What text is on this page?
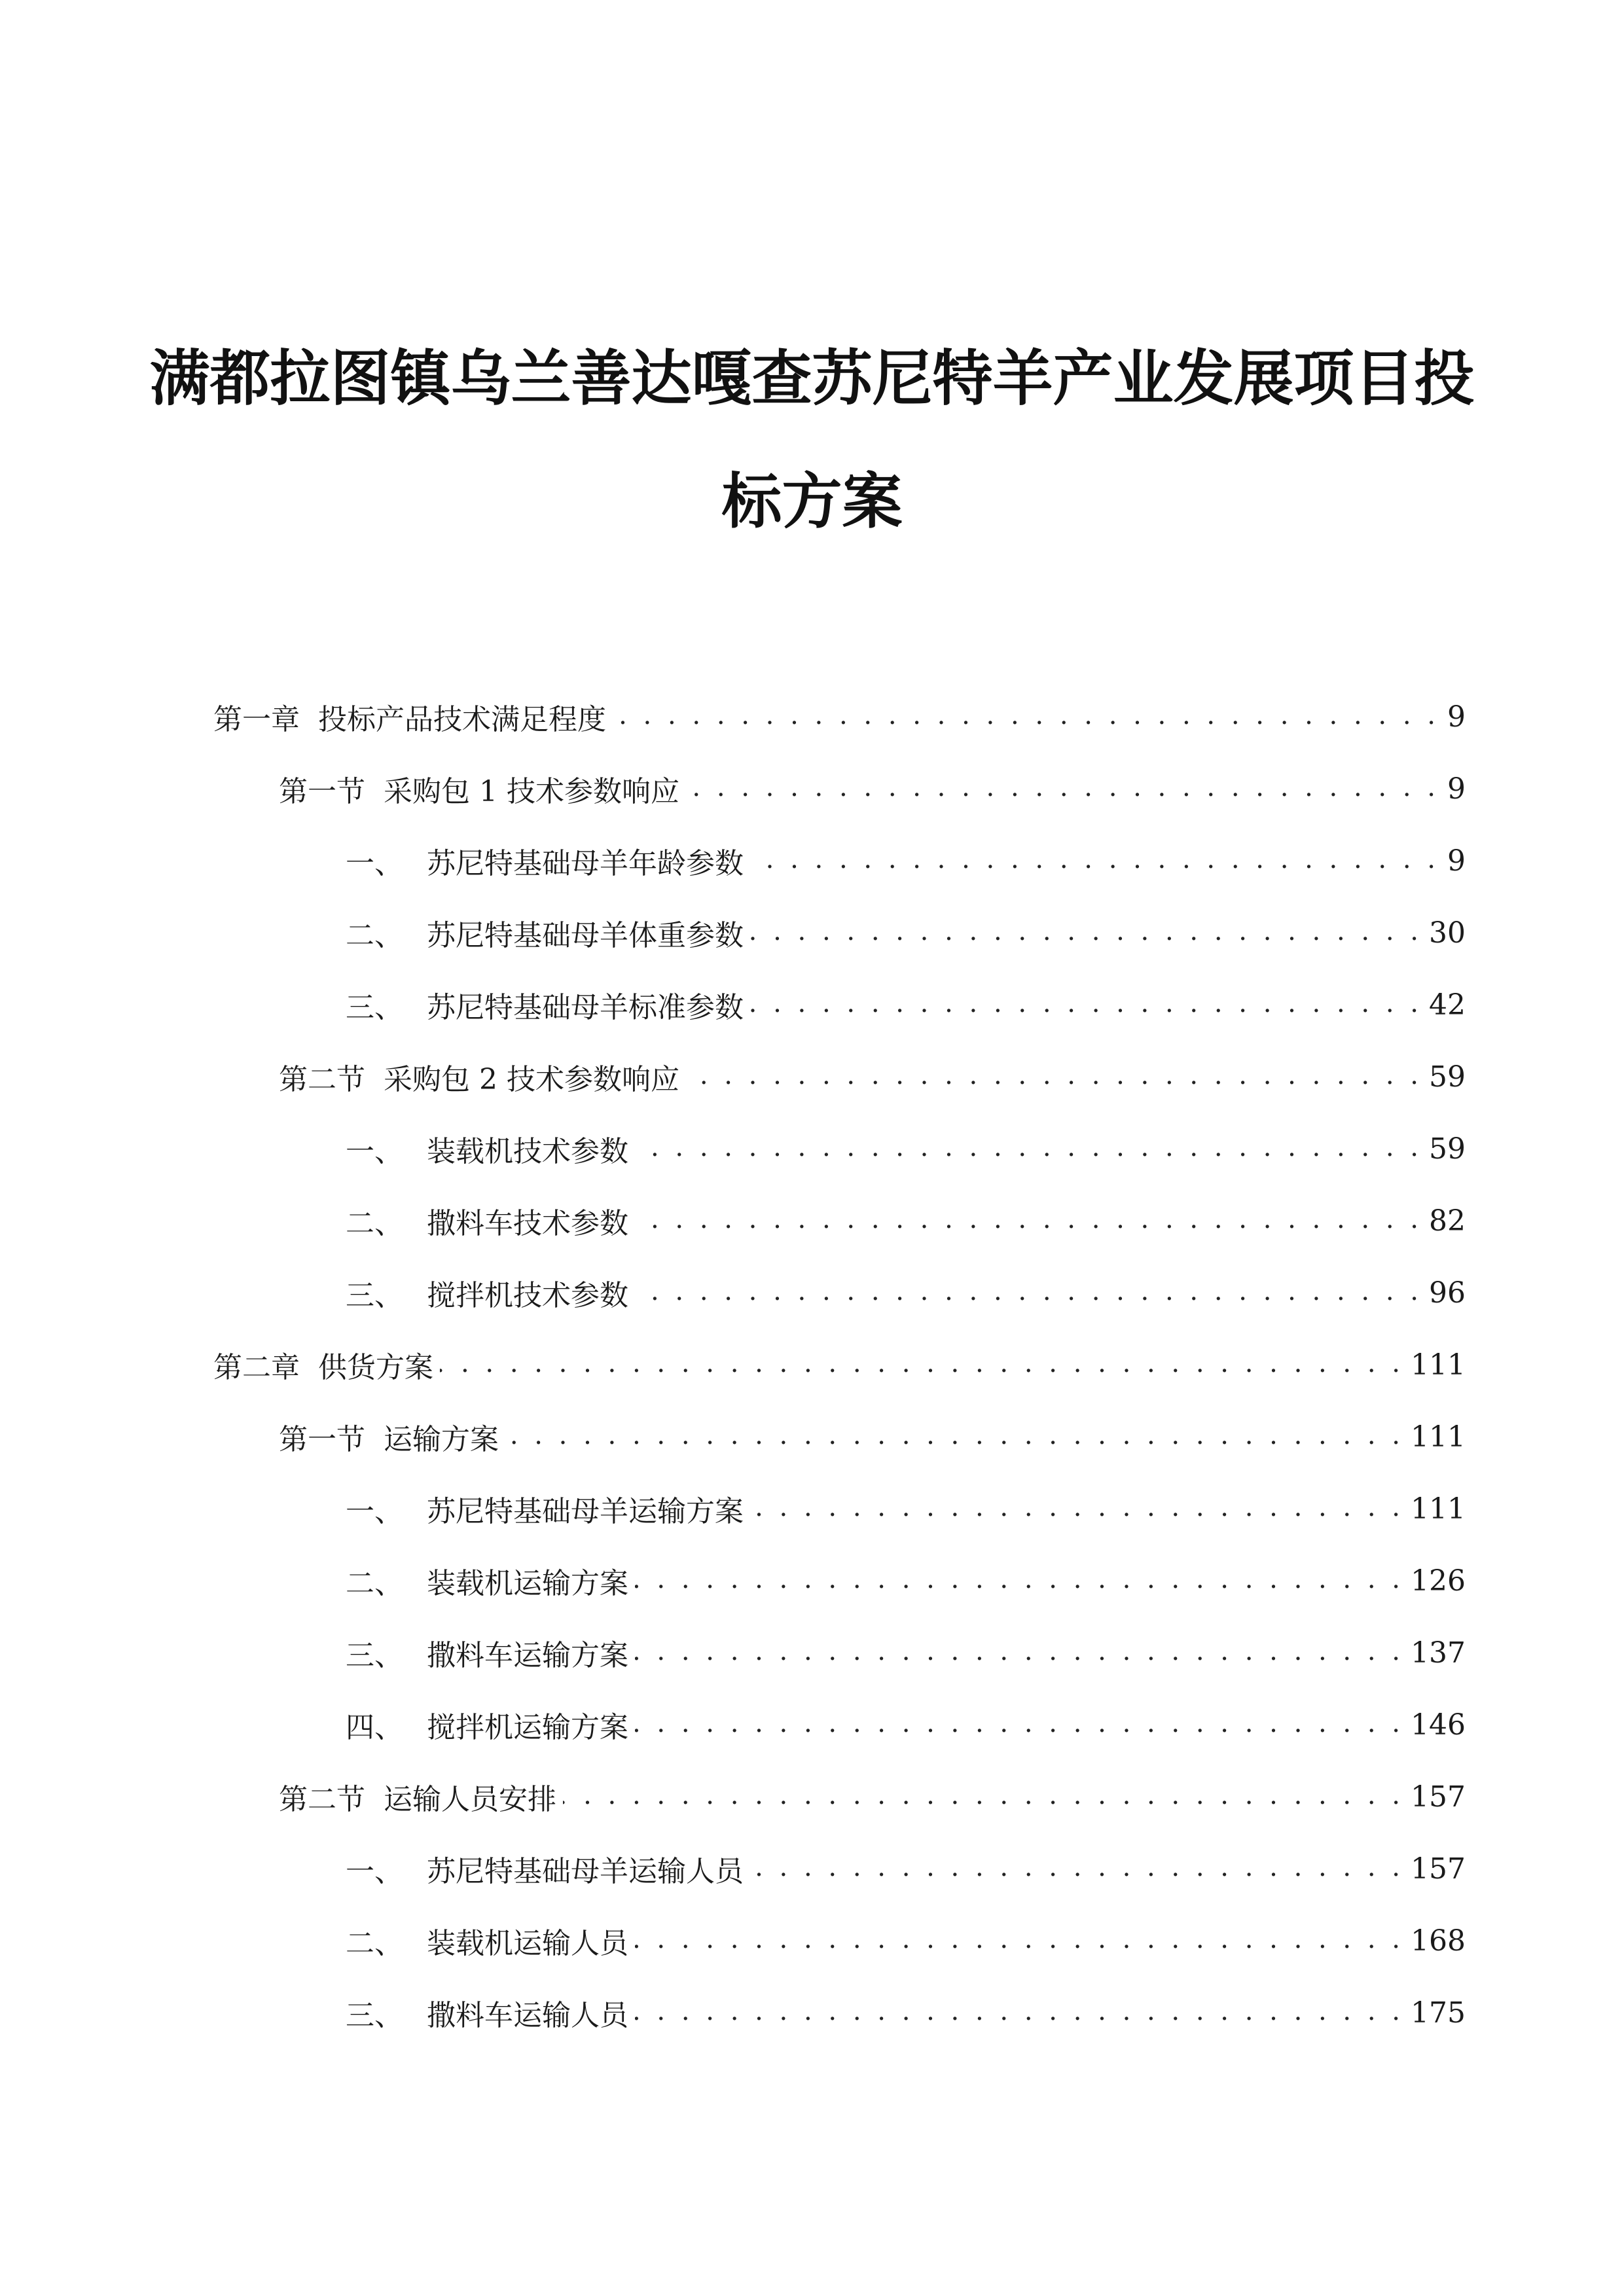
满都拉图镇乌兰善达嘎查苏尼特羊产业发展项目投
标方案
第一章 投标产品技术满足程度 . . .	9
第一节 采购包 1 技术参数响应 . . .	9
一、 苏尼特基础母羊年龄参数 . . .	9
二、 苏尼特基础母羊体重参数 . . .	30
三、 苏尼特基础母羊标准参数 . . .	42
第二节 采购包 2 技术参数响应 . . .	59
一、 装载机技术参数 . . .	59
二、 撒料车技术参数 . . .	82
三、 搅拌机技术参数 . . .	96
第二章 供货方案 . . .	111
第一节 运输方案 . . .	111
一、 苏尼特基础母羊运输方案 . . .	111
二、 装载机运输方案 . . .	126
三、 撒料车运输方案 . . .	137
四、 搅拌机运输方案 . . .	146
第二节 运输人员安排 . . .	157
一、 苏尼特基础母羊运输人员 . . .	157
二、 装载机运输人员 . . .	168
三、 撒料车运输人员 . . .	175
